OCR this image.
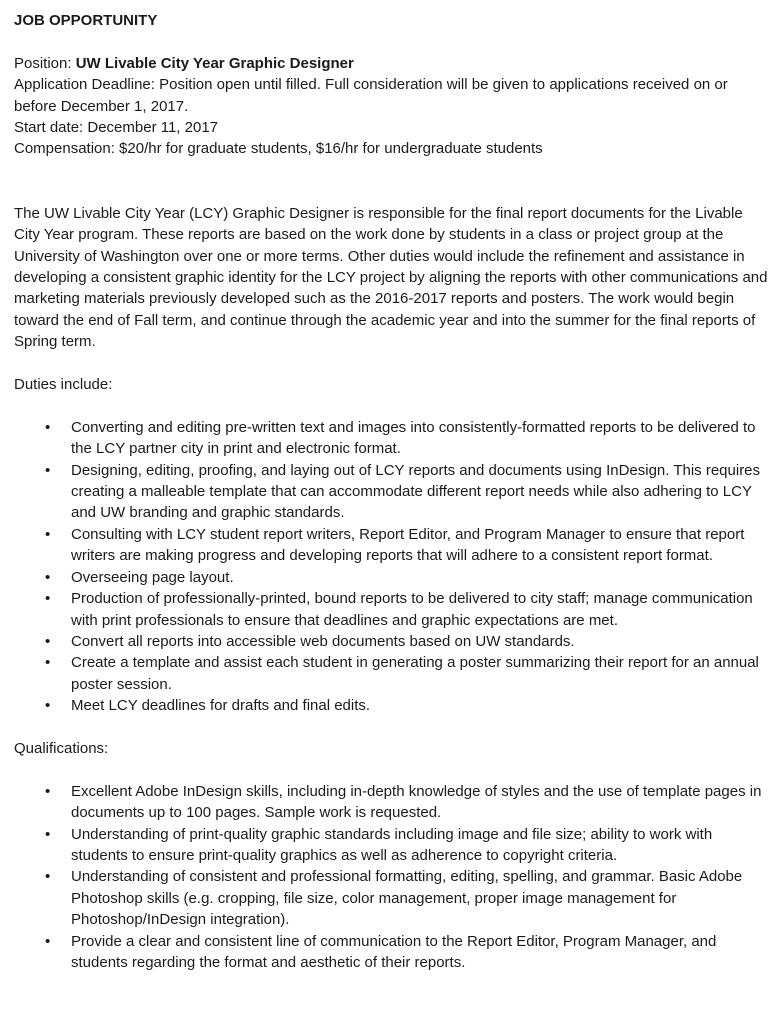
JOB OPPORTUNITY

Position: UW Livable City Year Graphic Designer

Application Deadline: Position open until filled. Full consideration will be given to applications received on or before December 1, 2017.

Start date: December 11, 2017

Compensation: $20/hr for graduate students, $16/hr for undergraduate students

The UW Livable City Year (LCY) Graphic Designer is responsible for the final report documents for the Livable City Year program. These reports are based on the work done by students in a class or project group at the University of Washington over one or more terms. Other duties would include the refinement and assistance in developing a consistent graphic identity for the LCY project by aligning the reports with other communications and marketing materials previously developed such as the 2016-2017 reports and posters. The work would begin toward the end of Fall term, and continue through the academic year and into the summer for the final reports of Spring term.

Duties include:

• Converting and editing pre-written text and images into consistently-formatted reports to be delivered to the LCY partner city in print and electronic format.
• Designing, editing, proofing, and laying out of LCY reports and documents using InDesign. This requires creating a malleable template that can accommodate different report needs while also adhering to LCY and UW branding and graphic standards.
• Consulting with LCY student report writers, Report Editor, and Program Manager to ensure that report writers are making progress and developing reports that will adhere to a consistent report format.
• Overseeing page layout.
• Production of professionally-printed, bound reports to be delivered to city staff; manage communication with print professionals to ensure that deadlines and graphic expectations are met.
• Convert all reports into accessible web documents based on UW standards.
• Create a template and assist each student in generating a poster summarizing their report for an annual poster session.
• Meet LCY deadlines for drafts and final edits.

Qualifications:

• Excellent Adobe InDesign skills, including in-depth knowledge of styles and the use of template pages in documents up to 100 pages. Sample work is requested.
• Understanding of print-quality graphic standards including image and file size; ability to work with students to ensure print-quality graphics as well as adherence to copyright criteria.
• Understanding of consistent and professional formatting, editing, spelling, and grammar. Basic Adobe Photoshop skills (e.g. cropping, file size, color management, proper image management for Photoshop/InDesign integration).
• Provide a clear and consistent line of communication to the Report Editor, Program Manager, and students regarding the format and aesthetic of their reports.
